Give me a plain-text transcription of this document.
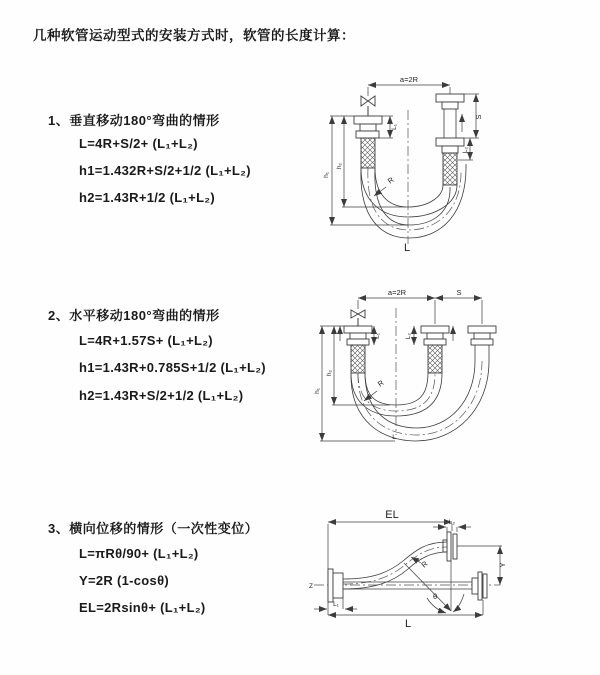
几种软管运动型式的安装方式时，软管的长度计算：
1、垂直移动180°弯曲的情形
L=4R+S/2+ (L₁+L₂)
h1=1.432R+S/2+1/2 (L₁+L₂)
h2=1.43R+1/2 (L₁+L₂)
2、水平移动180°弯曲的情形
L=4R+1.57S+ (L₁+L₂)
h1=1.43R+0.785S+1/2 (L₁+L₂)
h2=1.43R+S/2+1/2 (L₁+L₂)
3、横向位移的情形（一次性变位）
L=πRθ/90+ (L₁+L₂)
Y=2R (1-cosθ)
EL=2Rsinθ+ (L₁+L₂)
a=2R
h₁
h₂
L₁
S
L₂
R
L
a=2R	S
h₁
h₂
L₁	L₂
R
L
Z
EL
L₂
Y
L
L₁
θ
R
